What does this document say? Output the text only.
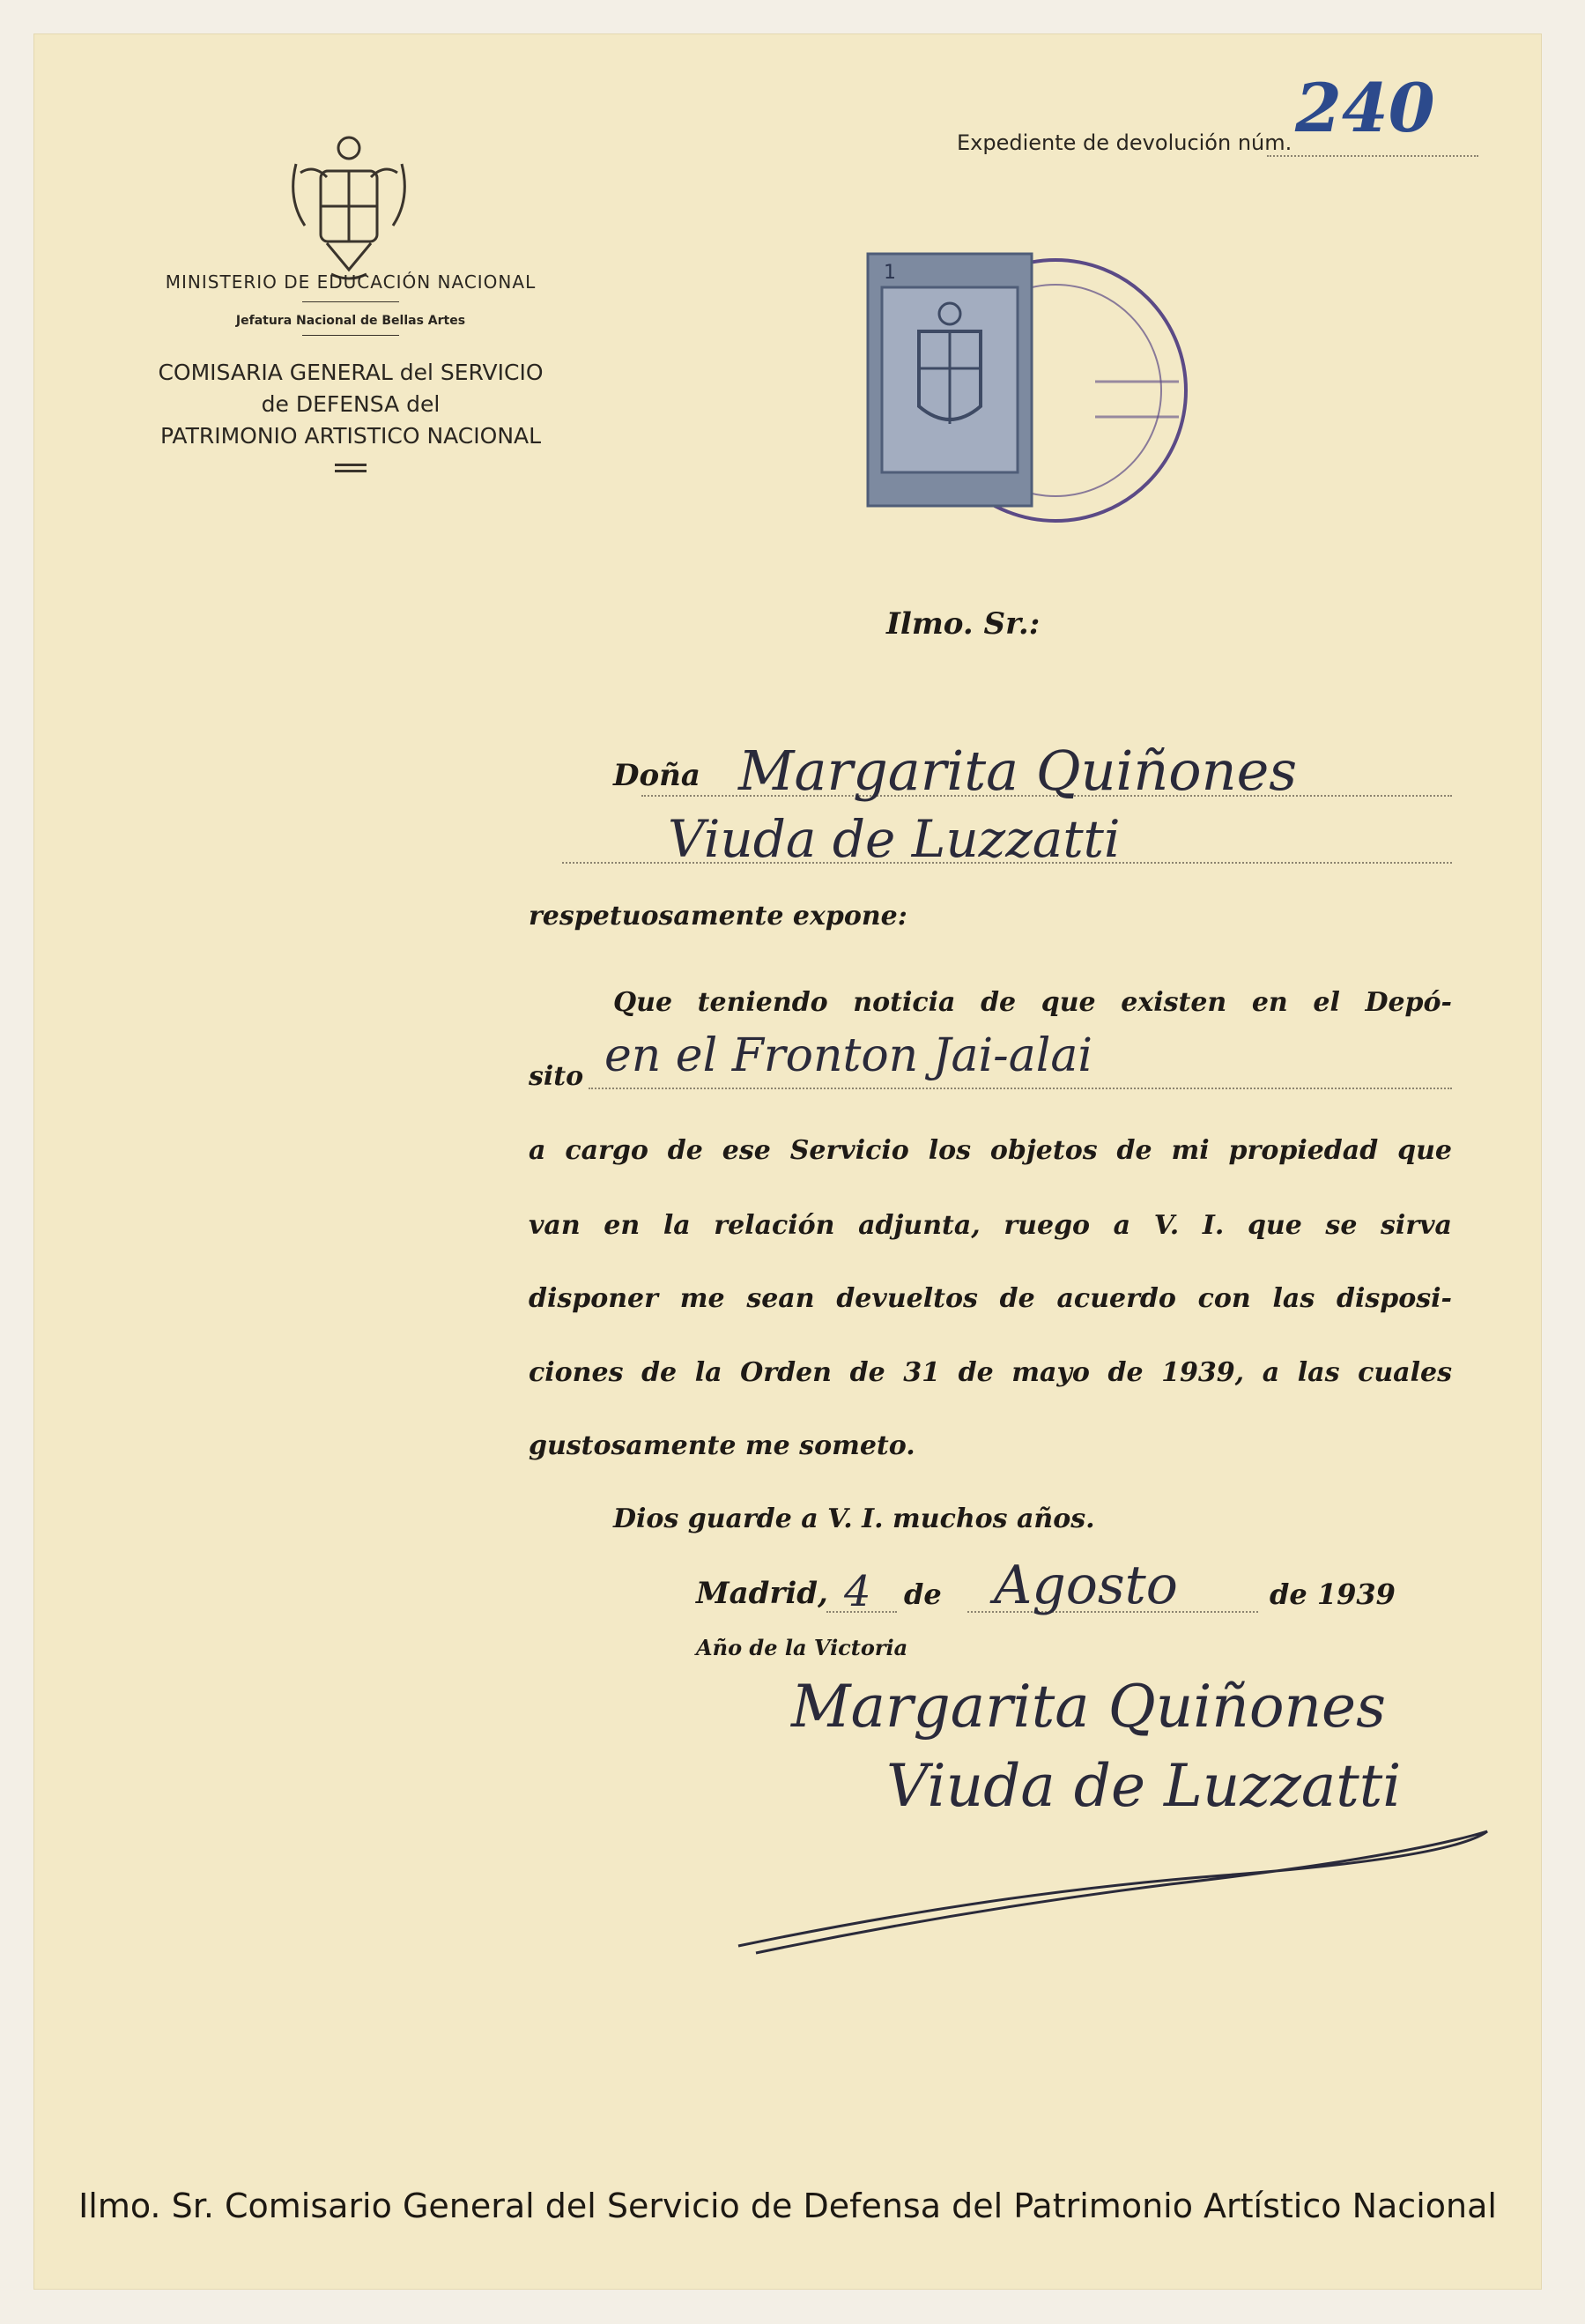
MINISTERIO DE EDUCACIÓN NACIONAL
Jefatura Nacional de Bellas Artes
COMISARIA GENERAL del SERVICIO
de DEFENSA del
PATRIMONIO ARTISTICO NACIONAL
Expediente de devolución núm. 240
1
Ilmo. Sr.:
Doña Margarita Quiñones
Viuda de Luzzatti
respetuosamente expone:
Que teniendo noticia de que existen en el Depó-
sito en el Fronton Jai-alai
a cargo de ese Servicio los objetos de mi propiedad que
van en la relación adjunta, ruego a V. I. que se sirva
disponer me sean devueltos de acuerdo con las disposi-
ciones de la Orden de 31 de mayo de 1939, a las cuales
gustosamente me someto.
Dios guarde a V. I. muchos años.
Madrid, 4 de Agosto	de 1939
Año de la Victoria
Margarita Quiñones
Viuda de Luzzatti
Ilmo. Sr. Comisario General del Servicio de Defensa del Patrimonio Artístico Nacional
